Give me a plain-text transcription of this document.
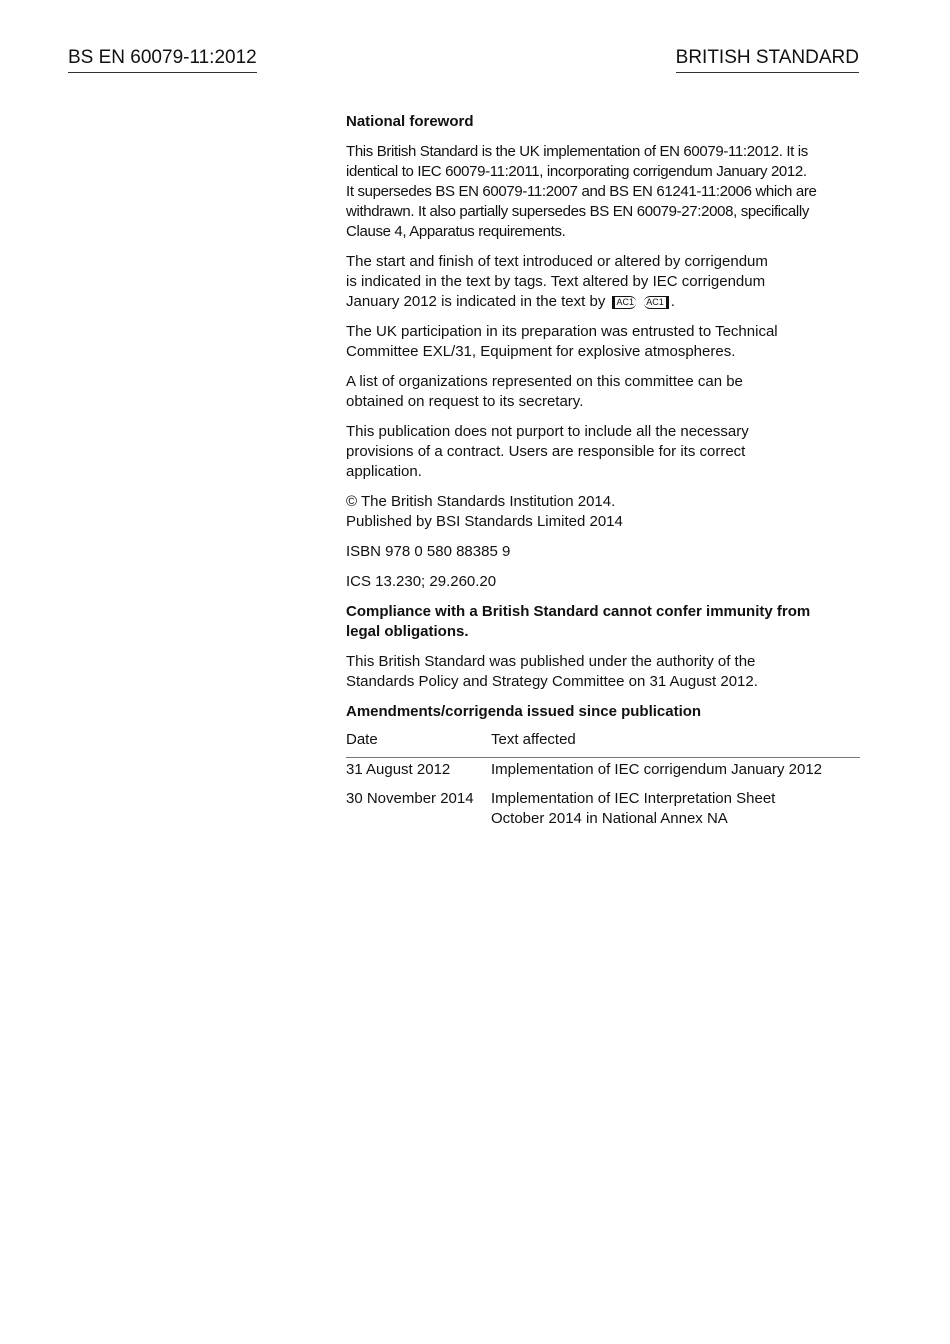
BS EN 60079-11:2012	BRITISH STANDARD

National foreword

This British Standard is the UK implementation of EN 60079-11:2012. It is
identical to IEC 60079-11:2011, incorporating corrigendum January 2012.
It supersedes BS EN 60079-11:2007 and BS EN 61241-11:2006 which are
withdrawn. It also partially supersedes BS EN 60079-27:2008, specifically
Clause 4, Apparatus requirements.

The start and finish of text introduced or altered by corrigendum
is indicated in the text by tags. Text altered by IEC corrigendum
January 2012 is indicated in the text by AC1 AC1 .

The UK participation in its preparation was entrusted to Technical
Committee EXL/31, Equipment for explosive atmospheres.

A list of organizations represented on this committee can be
obtained on request to its secretary.

This publication does not purport to include all the necessary
provisions of a contract. Users are responsible for its correct
application.

© The British Standards Institution 2014.
Published by BSI Standards Limited 2014

ISBN 978 0 580 88385 9

ICS 13.230; 29.260.20

Compliance with a British Standard cannot confer immunity from
legal obligations.

This British Standard was published under the authority of the
Standards Policy and Strategy Committee on 31 August 2012.

Amendments/corrigenda issued since publication

Date	Text affected
31 August 2012	Implementation of IEC corrigendum January 2012
30 November 2014	Implementation of IEC Interpretation Sheet
October 2014 in National Annex NA
